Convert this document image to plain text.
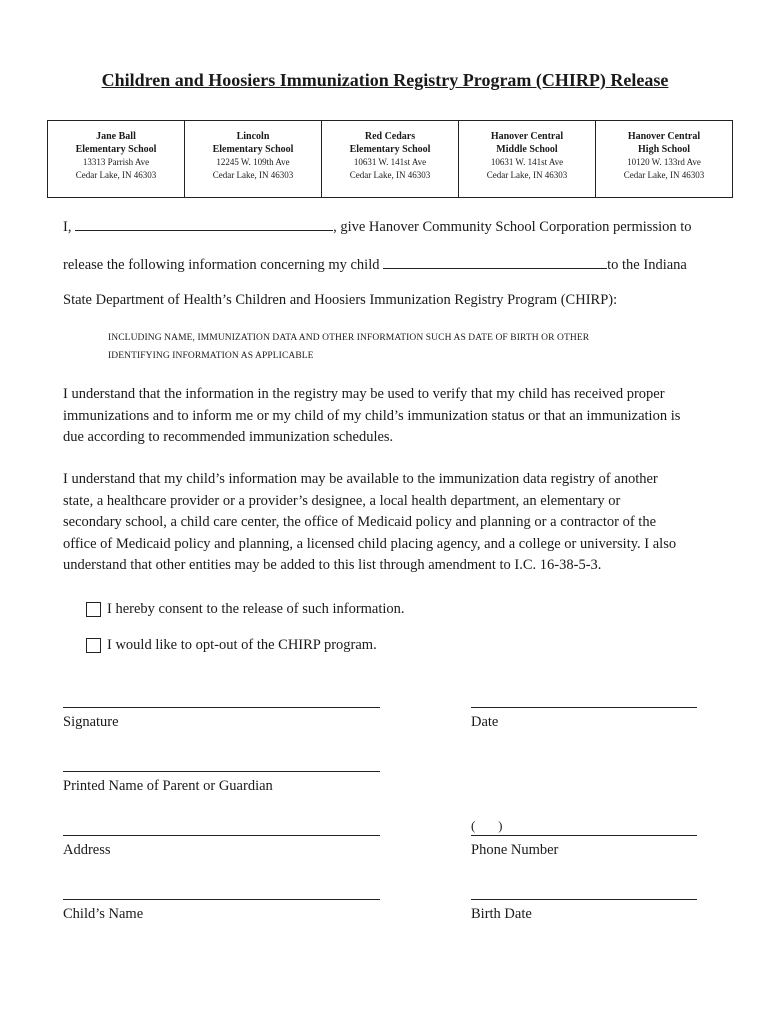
Children and Hoosiers Immunization Registry Program (CHIRP) Release
Jane Ball
Elementary School
13313 Parrish Ave
Cedar Lake, IN 46303
Lincoln
Elementary School
12245 W. 109th Ave
Cedar Lake, IN 46303
Red Cedars
Elementary School
10631 W. 141st Ave
Cedar Lake, IN 46303
Hanover Central
Middle School
10631 W. 141st Ave
Cedar Lake, IN 46303
Hanover Central
High School
10120 W. 133rd Ave
Cedar Lake, IN 46303
I,	, give Hanover Community School Corporation permission to
release the following information concerning my child	to the Indiana
State Department of Health’s Children and Hoosiers Immunization Registry Program (CHIRP):
INCLUDING NAME, IMMUNIZATION DATA AND OTHER INFORMATION SUCH AS DATE OF BIRTH OR OTHER
IDENTIFYING INFORMATION AS APPLICABLE
I understand that the information in the registry may be used to verify that my child has received proper
immunizations and to inform me or my child of my child’s immunization status or that an immunization is
due according to recommended immunization schedules.
I understand that my child’s information may be available to the immunization data registry of another
state, a healthcare provider or a provider’s designee, a local health department, an elementary or
secondary school, a child care center, the office of Medicaid policy and planning or a contractor of the
office of Medicaid policy and planning, a licensed child placing agency, and a college or university. I also
understand that other entities may be added to this list through amendment to I.C. 16-38-5-3.
I hereby consent to the release of such information.
I would like to opt-out of the CHIRP program.
Signature	Date
Printed Name of Parent or Guardian
Address
(       )
Phone Number
Child’s Name	Birth Date
